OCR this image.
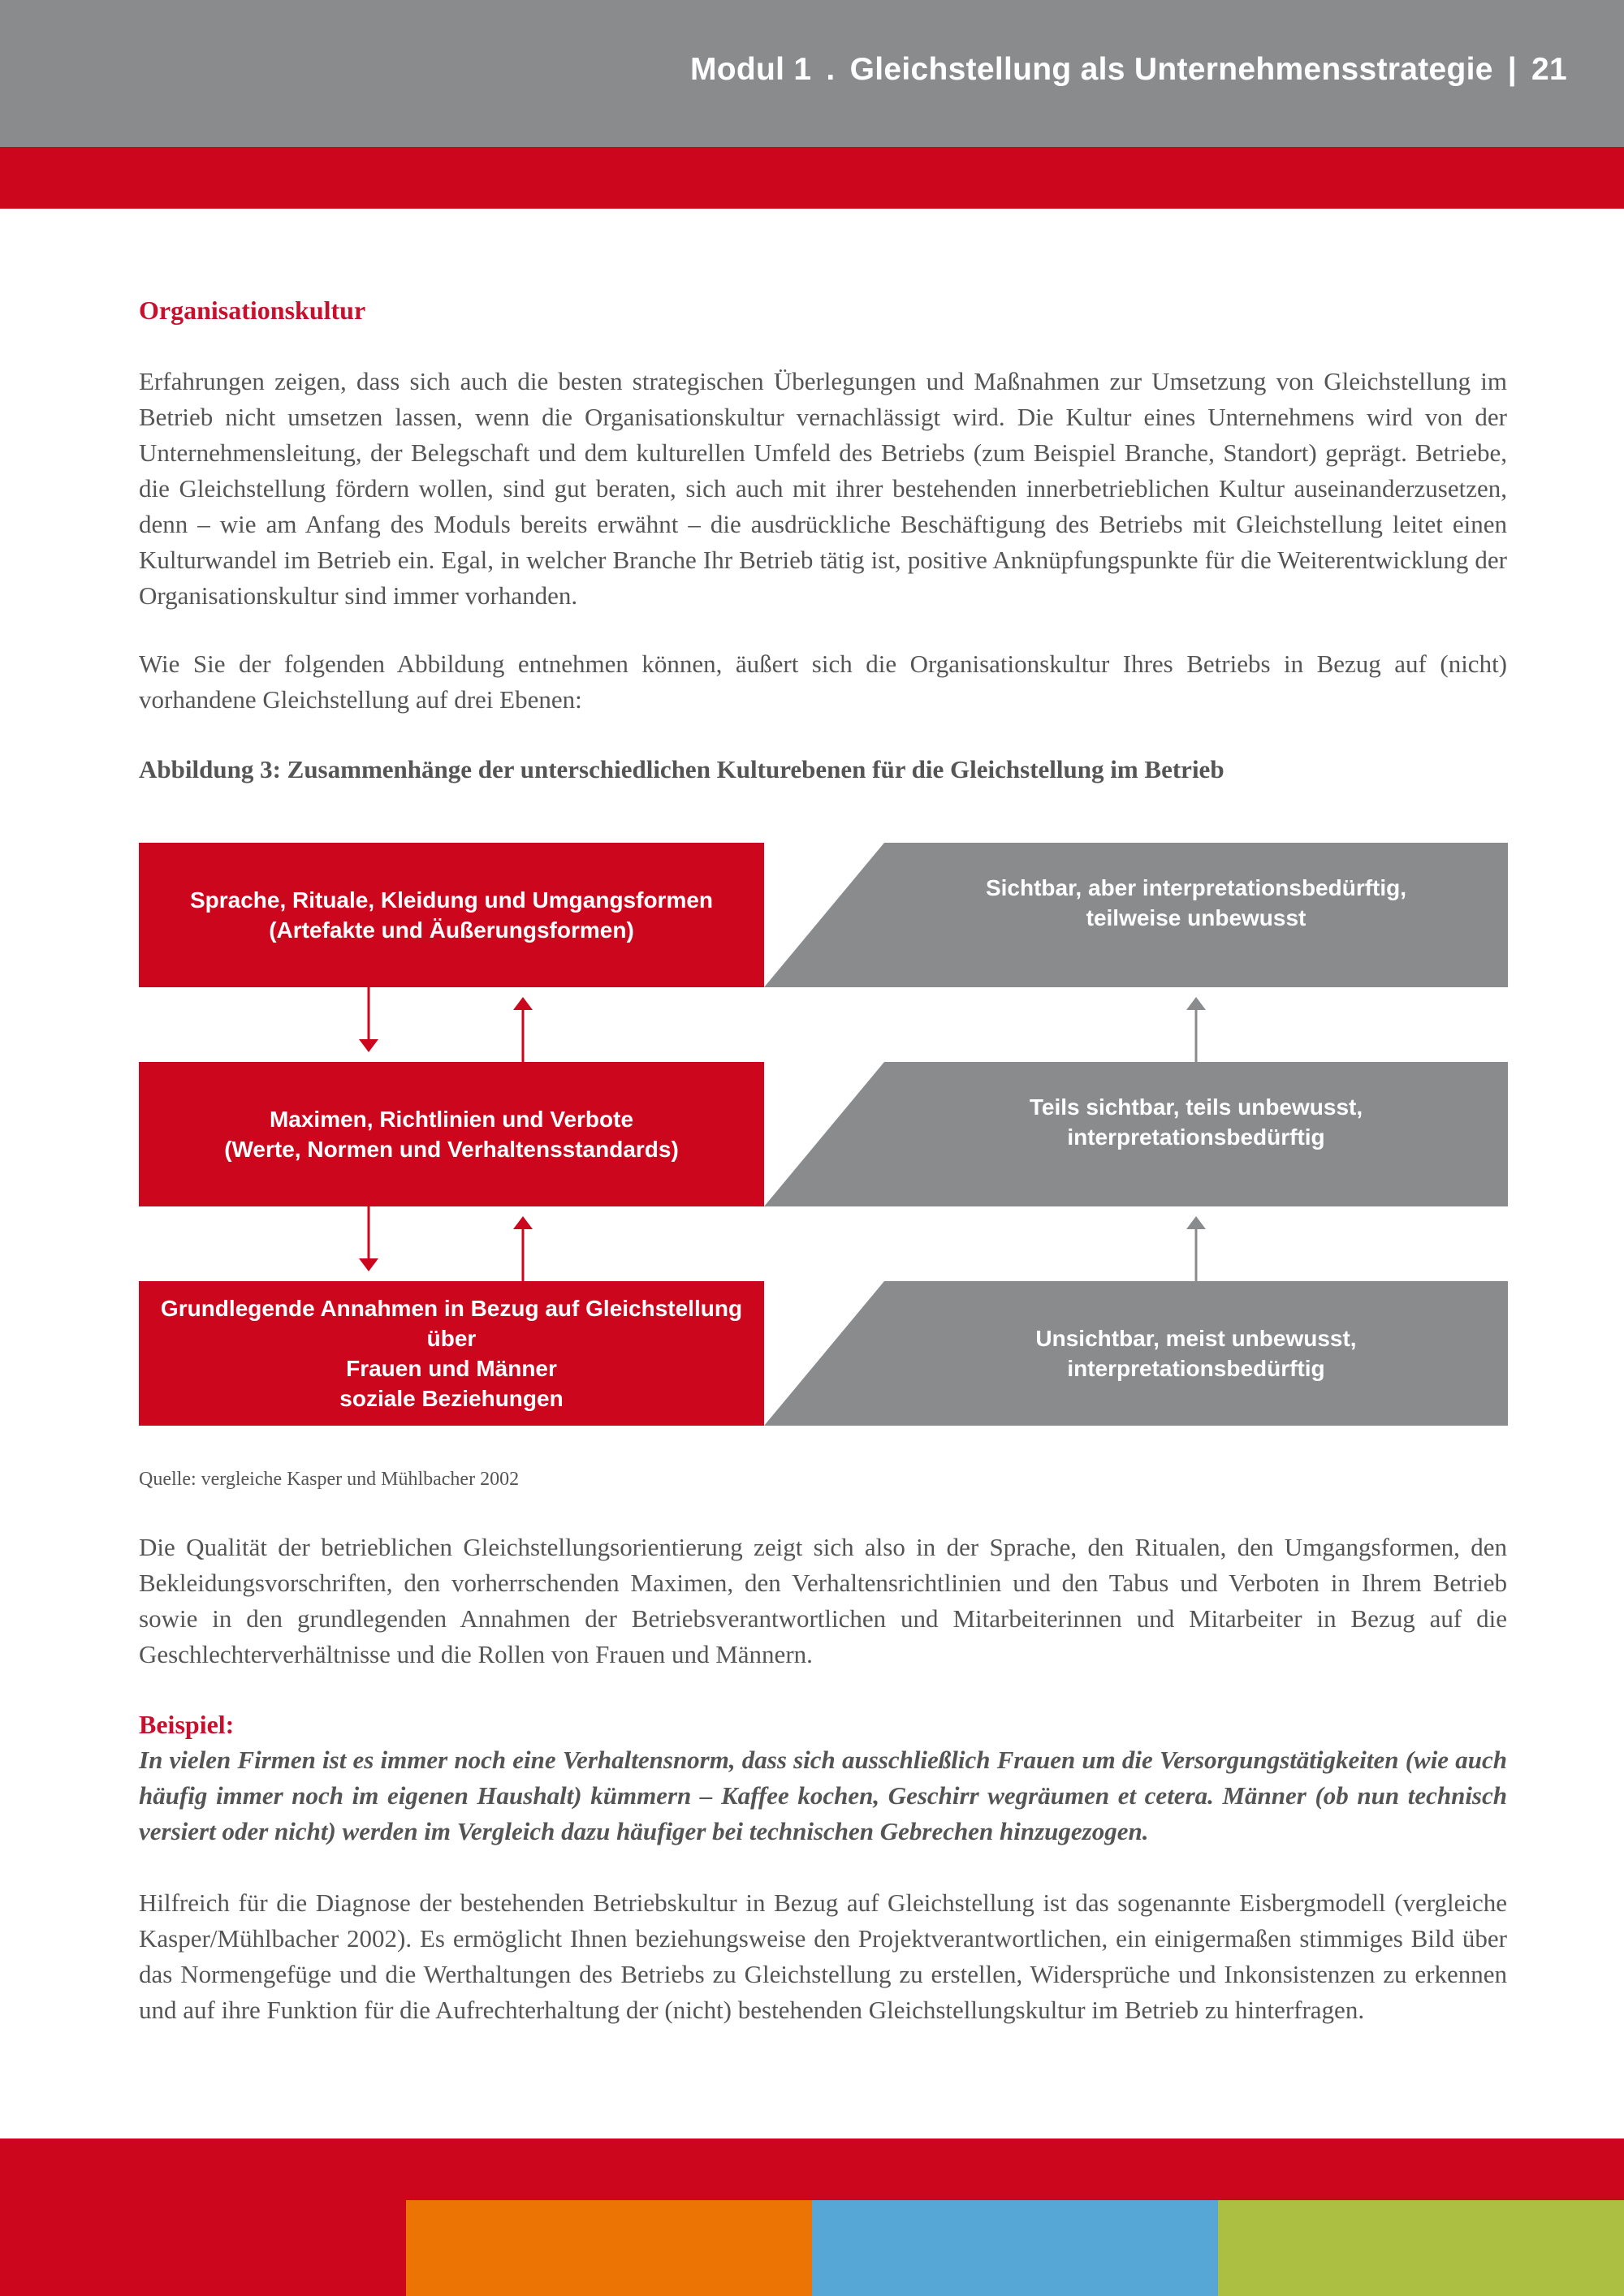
Modul 1 . Gleichstellung als Unternehmensstrategie | 21
Organisationskultur

Erfahrungen zeigen, dass sich auch die besten strategischen Überlegungen und Maßnahmen zur Umsetzung von Gleichstellung im Betrieb nicht umsetzen lassen, wenn die Organisationskultur vernachlässigt wird. Die Kultur eines Unternehmens wird von der Unternehmensleitung, der Belegschaft und dem kulturellen Umfeld des Betriebs (zum Beispiel Branche, Standort) geprägt. Betriebe, die Gleichstellung fördern wollen, sind gut beraten, sich auch mit ihrer bestehenden innerbetrieblichen Kultur auseinanderzusetzen, denn – wie am Anfang des Moduls bereits erwähnt – die ausdrückliche Beschäftigung des Betriebs mit Gleichstellung leitet einen Kulturwandel im Betrieb ein. Egal, in welcher Branche Ihr Betrieb tätig ist, positive Anknüpfungspunkte für die Weiterentwicklung der Organisationskultur sind immer vorhanden.

Wie Sie der folgenden Abbildung entnehmen können, äußert sich die Organisationskultur Ihres Betriebs in Bezug auf (nicht) vorhandene Gleichstellung auf drei Ebenen:

Abbildung 3: Zusammenhänge der unterschiedlichen Kulturebenen für die Gleichstellung im Betrieb

Quelle: vergleiche Kasper und Mühlbacher 2002

Die Qualität der betrieblichen Gleichstellungsorientierung zeigt sich also in der Sprache, den Ritualen, den Umgangsformen, den Bekleidungsvorschriften, den vorherrschenden Maximen, den Verhaltensrichtlinien und den Tabus und Verboten in Ihrem Betrieb sowie in den grundlegenden Annahmen der Betriebsverantwortlichen und Mitarbeiterinnen und Mitarbeiter in Bezug auf die Geschlechterverhältnisse und die Rollen von Frauen und Männern.

Beispiel:

In vielen Firmen ist es immer noch eine Verhaltensnorm, dass sich ausschließlich Frauen um die Versorgungstätigkeiten (wie auch häufig immer noch im eigenen Haushalt) kümmern – Kaffee kochen, Geschirr wegräumen et cetera. Männer (ob nun technisch versiert oder nicht) werden im Vergleich dazu häufiger bei technischen Gebrechen hinzugezogen.

Hilfreich für die Diagnose der bestehenden Betriebskultur in Bezug auf Gleichstellung ist das sogenannte Eisbergmodell (vergleiche Kasper/Mühlbacher 2002). Es ermöglicht Ihnen beziehungsweise den Projektverantwortlichen, ein einigermaßen stimmiges Bild über das Normengefüge und die Werthaltungen des Betriebs zu Gleichstellung zu erstellen, Widersprüche und Inkonsistenzen zu erkennen und auf ihre Funktion für die Aufrechterhaltung der (nicht) bestehenden Gleichstellungskultur im Betrieb zu hinterfragen.

Sprache, Rituale, Kleidung und Umgangsformen
(Artefakte und Äußerungsformen)
Sichtbar, aber interpretationsbedürftig,
teilweise unbewusst
Maximen, Richtlinien und Verbote
(Werte, Normen und Verhaltensstandards)
Teils sichtbar, teils unbewusst,
interpretationsbedürftig
Grundlegende Annahmen in Bezug auf Gleichstellung über
Frauen und Männer
soziale Beziehungen
Unsichtbar, meist unbewusst,
interpretationsbedürftig
